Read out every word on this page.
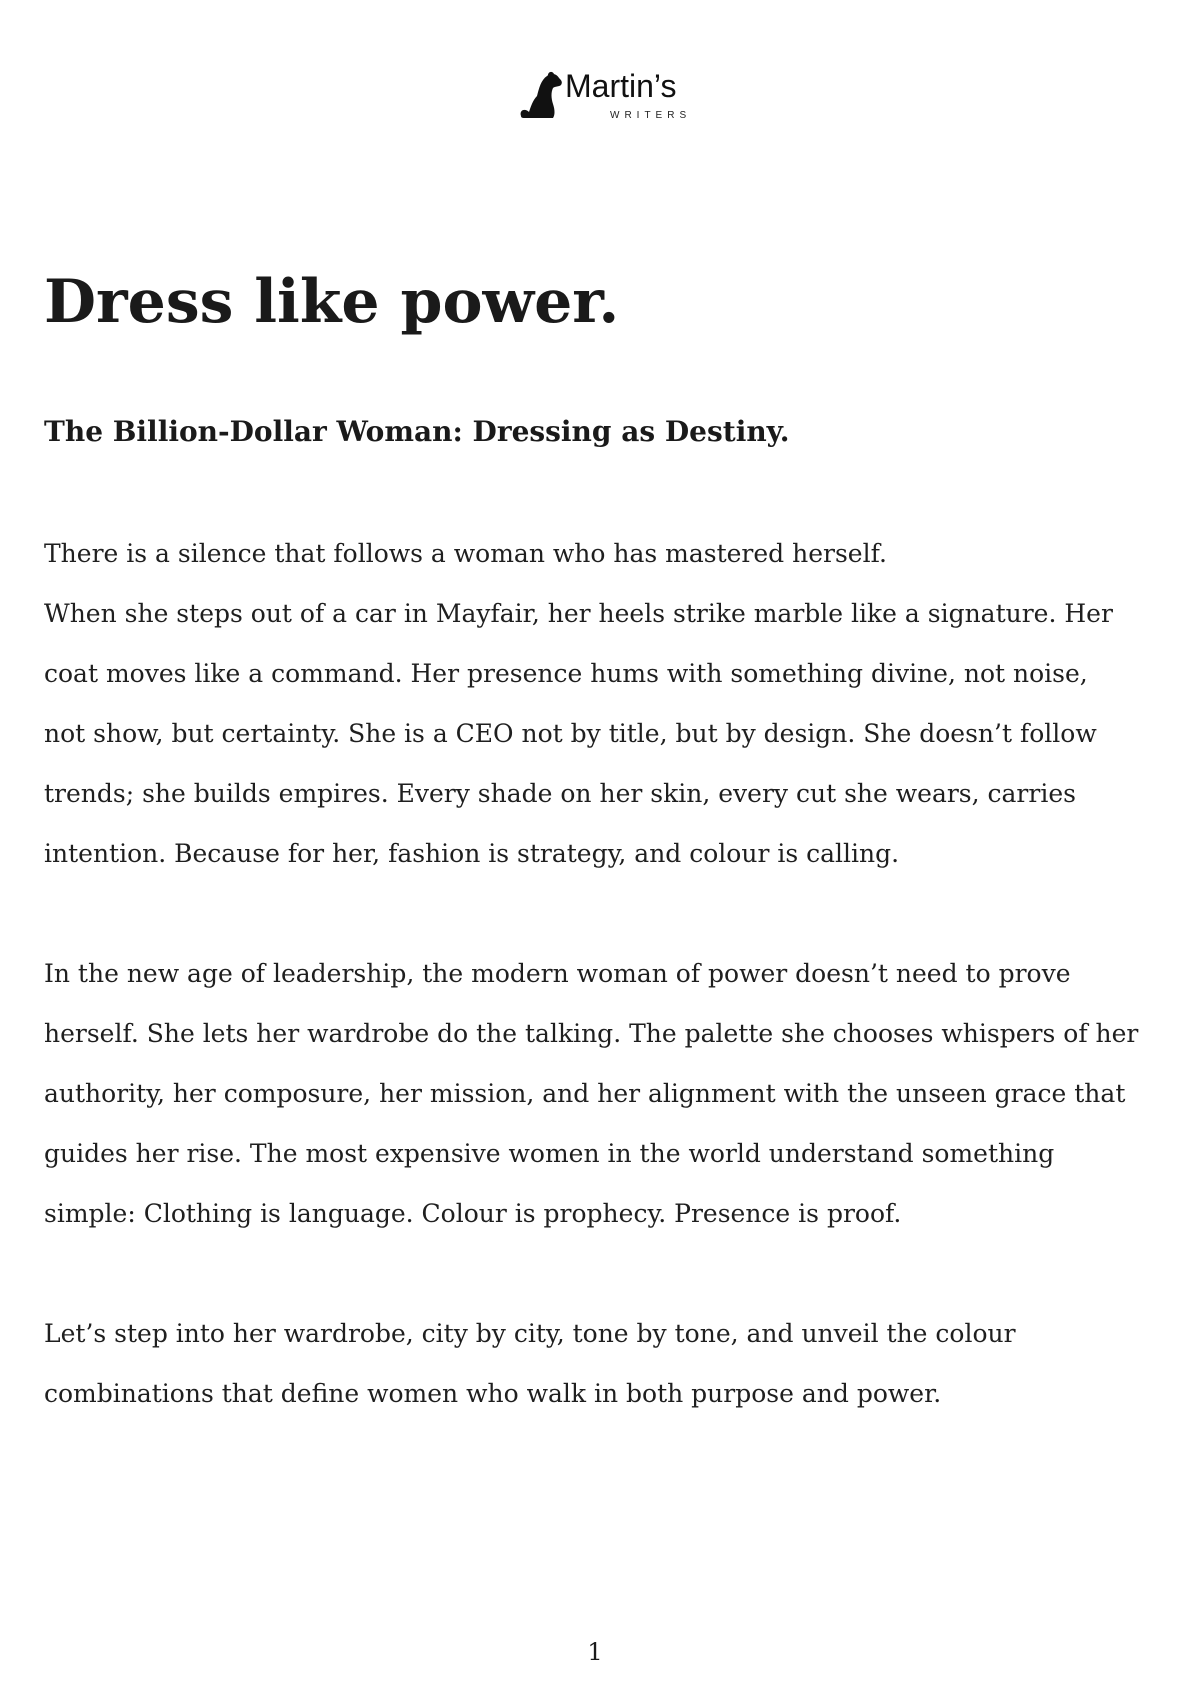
Martin’s
WRITERS
Dress like power.
The Billion-Dollar Woman: Dressing as Destiny.

There is a silence that follows a woman who has mastered herself.
When she steps out of a car in Mayfair, her heels strike marble like a signature. Her
coat moves like a command. Her presence hums with something divine, not noise,
not show, but certainty. She is a CEO not by title, but by design. She doesn’t follow
trends; she builds empires. Every shade on her skin, every cut she wears, carries
intention. Because for her, fashion is strategy, and colour is calling.

In the new age of leadership, the modern woman of power doesn’t need to prove
herself. She lets her wardrobe do the talking. The palette she chooses whispers of her
authority, her composure, her mission, and her alignment with the unseen grace that
guides her rise. The most expensive women in the world understand something
simple: Clothing is language. Colour is prophecy. Presence is proof.

Let’s step into her wardrobe, city by city, tone by tone, and unveil the colour
combinations that define women who walk in both purpose and power.

1
